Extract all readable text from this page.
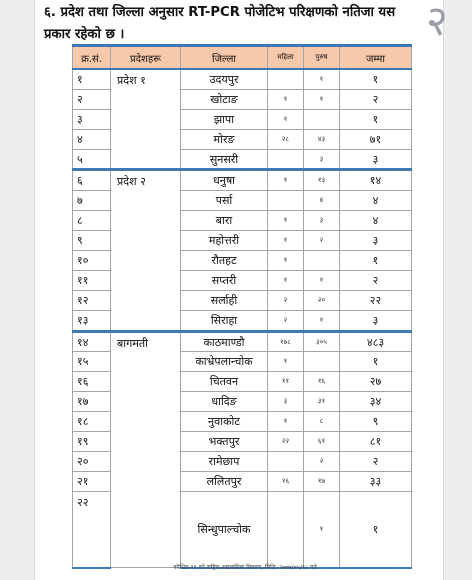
२
६. प्रदेश तथा जिल्ला अनुसार RT-PCR पोजेटिभ परिक्षणको नतिजा यस
प्रकार रहेको छ ।
क्र.सं.	प्रदेशहरू	जिल्ला	महिला	पुरुष	जम्मा
१	प्रदेश १	उदयपुर		१	१
२		खोटाङ	१	१	२
३		झापा	१		१
४		मोरङ	२८	४३	७१
५		सुनसरी		३	३
६	प्रदेश २	धनुषा	१	१३	१४
७		पर्सा		४	४
८		बारा	१	३	४
९		महोत्तरी	१	२	३
१०		रौतहट	१		१
११		सप्तरी	१	१	२
१२		सर्लाही	२	२०	२२
१३		सिराहा	२	१	३
१४	बागमती	काठमाण्डौ	१७८	३०५	४८३
१५		काभ्रेपलान्चोक	१		१
१६		चितवन	११	१६	२७
१७		धादिङ	३	३१	३४
१८		नुवाकोट	१	८	९
१९		भक्तपुर	२२	६१	८१
२०		रामेछाप		२	२
२१		ललितपुर	१६	१७	३३
२२		सिन्धुपाल्चोक		१	१
कोभिड-१९ को राष्ट्रिय अद्यावधिक विवरण, मिति: २०७७/०५/१८ गते
